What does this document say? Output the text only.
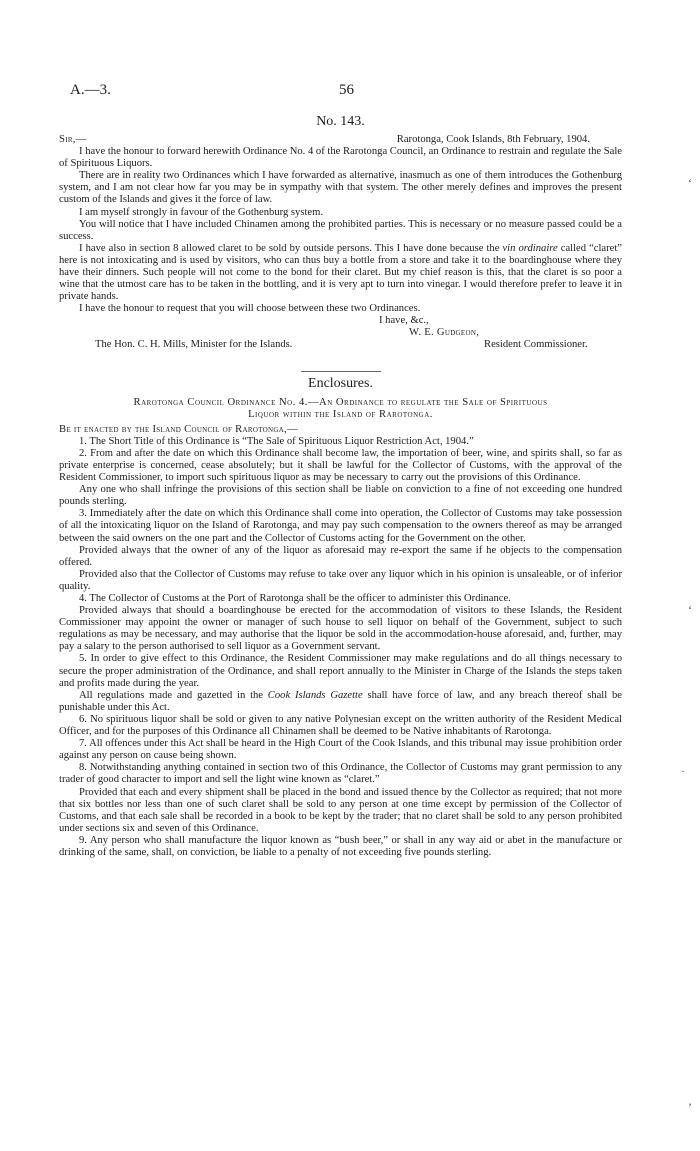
A.—3.	56
‘
‘
·
’
No. 143.
Sir,—	Rarotonga, Cook Islands, 8th February, 1904.

I have the honour to forward herewith Ordinance No. 4 of the Rarotonga Council, an Ordinance to restrain and regulate the Sale of Spirituous Liquors.

There are in reality two Ordinances which I have forwarded as alternative, inasmuch as one of them introduces the Gothenburg system, and I am not clear how far you may be in sympathy with that system. The other merely defines and improves the present custom of the Islands and gives it the force of law.

I am myself strongly in favour of the Gothenburg system.

You will notice that I have included Chinamen among the prohibited parties. This is necessary or no measure passed could be a success.

I have also in section 8 allowed claret to be sold by outside persons. This I have done because the vin ordinaire called “claret” here is not intoxicating and is used by visitors, who can thus buy a bottle from a store and take it to the boardinghouse where they have their dinners. Such people will not come to the bond for their claret. But my chief reason is this, that the claret is so poor a wine that the utmost care has to be taken in the bottling, and it is very apt to turn into vinegar. I would therefore prefer to leave it in private hands.

I have the honour to request that you will choose between these two Ordinances.

I have, &c.,
W. E. Gudgeon,
The Hon. C. H. Mills, Minister for the Islands.	Resident Commissioner.
Enclosures.
Rarotonga Council Ordinance No. 4.—An Ordinance to regulate the Sale of Spirituous
Liquor within the Island of Rarotonga.

Be it enacted by the Island Council of Rarotonga,—

1. The Short Title of this Ordinance is “The Sale of Spirituous Liquor Restriction Act, 1904.”

2. From and after the date on which this Ordinance shall become law, the importation of beer, wine, and spirits shall, so far as private enterprise is concerned, cease absolutely; but it shall be lawful for the Collector of Customs, with the approval of the Resident Commissioner, to import such spirituous liquor as may be necessary to carry out the provisions of this Ordinance.

Any one who shall infringe the provisions of this section shall be liable on conviction to a fine of not exceeding one hundred pounds sterling.

3. Immediately after the date on which this Ordinance shall come into operation, the Collector of Customs may take possession of all the intoxicating liquor on the Island of Rarotonga, and may pay such compensation to the owners thereof as may be arranged between the said owners on the one part and the Collector of Customs acting for the Government on the other.

Provided always that the owner of any of the liquor as aforesaid may re-export the same if he objects to the compensation offered.

Provided also that the Collector of Customs may refuse to take over any liquor which in his opinion is unsaleable, or of inferior quality.

4. The Collector of Customs at the Port of Rarotonga shall be the officer to administer this Ordinance.

Provided always that should a boardinghouse be erected for the accommodation of visitors to these Islands, the Resident Commissioner may appoint the owner or manager of such house to sell liquor on behalf of the Government, subject to such regulations as may be necessary, and may authorise that the liquor be sold in the accommodation-house aforesaid, and, further, may pay a salary to the person authorised to sell liquor as a Government servant.

5. In order to give effect to this Ordinance, the Resident Commissioner may make regulations and do all things necessary to secure the proper administration of the Ordinance, and shall report annually to the Minister in Charge of the Islands the steps taken and profits made during the year.

All regulations made and gazetted in the Cook Islands Gazette shall have force of law, and any breach thereof shall be punishable under this Act.

6. No spirituous liquor shall be sold or given to any native Polynesian except on the written authority of the Resident Medical Officer, and for the purposes of this Ordinance all Chinamen shall be deemed to be Native inhabitants of Rarotonga.

7. All offences under this Act shall be heard in the High Court of the Cook Islands, and this tribunal may issue prohibition order against any person on cause being shown.

8. Notwithstanding anything contained in section two of this Ordinance, the Collector of Customs may grant permission to any trader of good character to import and sell the light wine known as “claret.”

Provided that each and every shipment shall be placed in the bond and issued thence by the Collector as required; that not more that six bottles nor less than one of such claret shall be sold to any person at one time except by permission of the Collector of Customs, and that each sale shall be recorded in a book to be kept by the trader; that no claret shall be sold to any person prohibited under sections six and seven of this Ordinance.

9. Any person who shall manufacture the liquor known as “bush beer,” or shall in any way aid or abet in the manufacture or drinking of the same, shall, on conviction, be liable to a penalty of not exceeding five pounds sterling.
